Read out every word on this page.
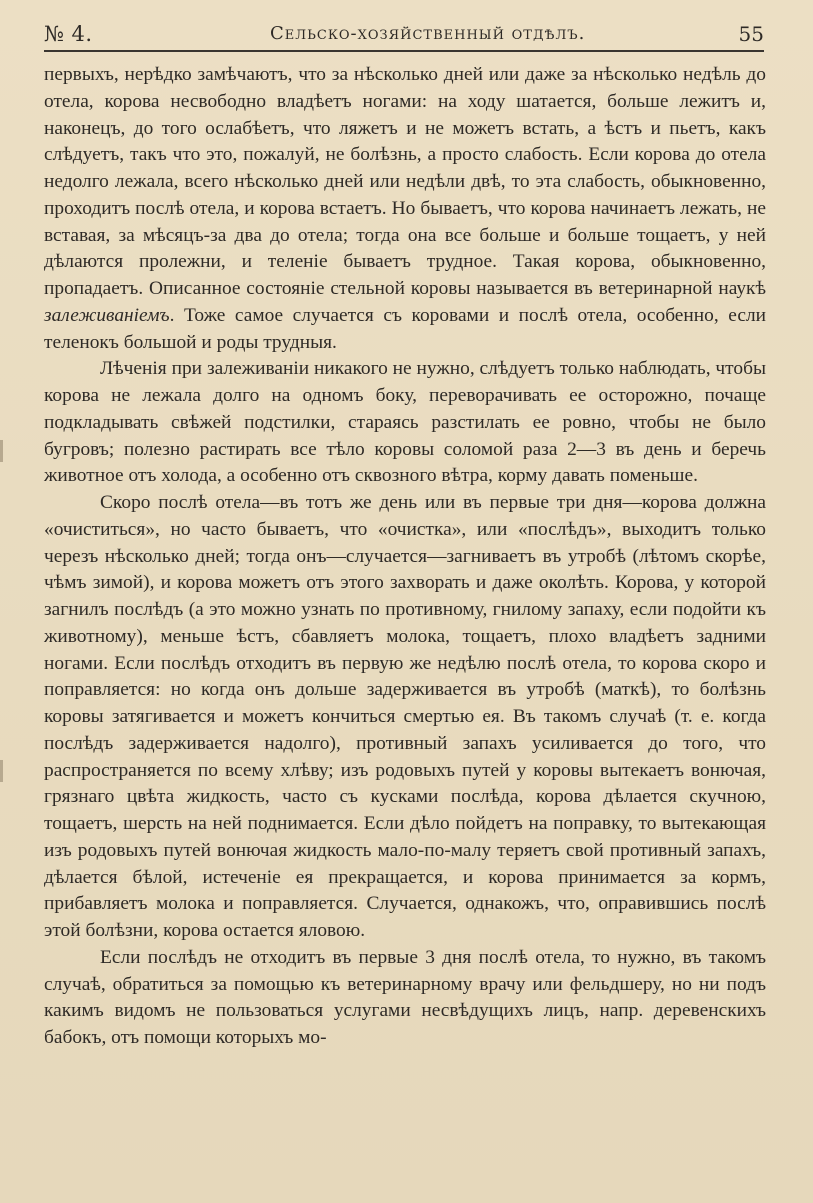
№ 4.	Сельско-хозяйственный отдѣлъ.	55

первыхъ, нерѣдко замѣчаютъ, что за нѣсколько дней или даже за нѣсколько недѣль до отела, корова несвободно владѣетъ ногами: на ходу шатается, больше лежитъ и, наконецъ, до того ослабѣетъ, что ляжетъ и не можетъ встать, а ѣстъ и пьетъ, какъ слѣдуетъ, такъ что это, пожалуй, не болѣзнь, а просто слабость. Если корова до отела недолго лежала, всего нѣсколько дней или недѣли двѣ, то эта слабость, обыкновенно, проходитъ послѣ отела, и корова встаетъ. Но бываетъ, что корова начинаетъ лежать, не вставая, за мѣсяцъ-за два до отела; тогда она все больше и больше тощаетъ, у ней дѣлаются пролежни, и теленіе бываетъ трудное. Такая корова, обыкновенно, пропадаетъ. Описанное состояніе стельной коровы называется въ ветеринарной наукѣ залеживаніемъ. Тоже самое случается съ коровами и послѣ отела, особенно, если теленокъ большой и роды трудныя.

Лѣченія при залеживаніи никакого не нужно, слѣдуетъ только наблюдать, чтобы корова не лежала долго на одномъ боку, переворачивать ее осторожно, почаще подкладывать свѣжей подстилки, стараясь разстилать ее ровно, чтобы не было бугровъ; полезно растирать все тѣло коровы соломой раза 2—3 въ день и беречь животное отъ холода, а особенно отъ сквозного вѣтра, корму давать поменьше.

Скоро послѣ отела—въ тотъ же день или въ первые три дня—корова должна «очиститься», но часто бываетъ, что «очистка», или «послѣдъ», выходитъ только черезъ нѣсколько дней; тогда онъ—случается—загниваетъ въ утробѣ (лѣтомъ скорѣе, чѣмъ зимой), и корова можетъ отъ этого захворать и даже околѣть. Корова, у которой загнилъ послѣдъ (а это можно узнать по противному, гнилому запаху, если подойти къ животному), меньше ѣстъ, сбавляетъ молока, тощаетъ, плохо владѣетъ задними ногами. Если послѣдъ отходитъ въ первую же недѣлю послѣ отела, то корова скоро и поправляется: но когда онъ дольше задерживается въ утробѣ (маткѣ), то болѣзнь коровы затягивается и можетъ кончиться смертью ея. Въ такомъ случаѣ (т. е. когда послѣдъ задерживается надолго), противный запахъ усиливается до того, что распространяется по всему хлѣву; изъ родовыхъ путей у коровы вытекаетъ вонючая, грязнаго цвѣта жидкость, часто съ кусками послѣда, корова дѣлается скучною, тощаетъ, шерсть на ней поднимается. Если дѣло пойдетъ на поправку, то вытекающая изъ родовыхъ путей вонючая жидкость мало-по-малу теряетъ свой противный запахъ, дѣлается бѣлой, истеченіе ея прекращается, и корова принимается за кормъ, прибавляетъ молока и поправляется. Случается, однакожъ, что, оправившись послѣ этой болѣзни, корова остается яловою.

Если послѣдъ не отходитъ въ первые 3 дня послѣ отела, то нужно, въ такомъ случаѣ, обратиться за помощью къ ветеринарному врачу или фельдшеру, но ни подъ какимъ видомъ не пользоваться услугами несвѣдущихъ лицъ, напр. деревенскихъ бабокъ, отъ помощи которыхъ мо-
